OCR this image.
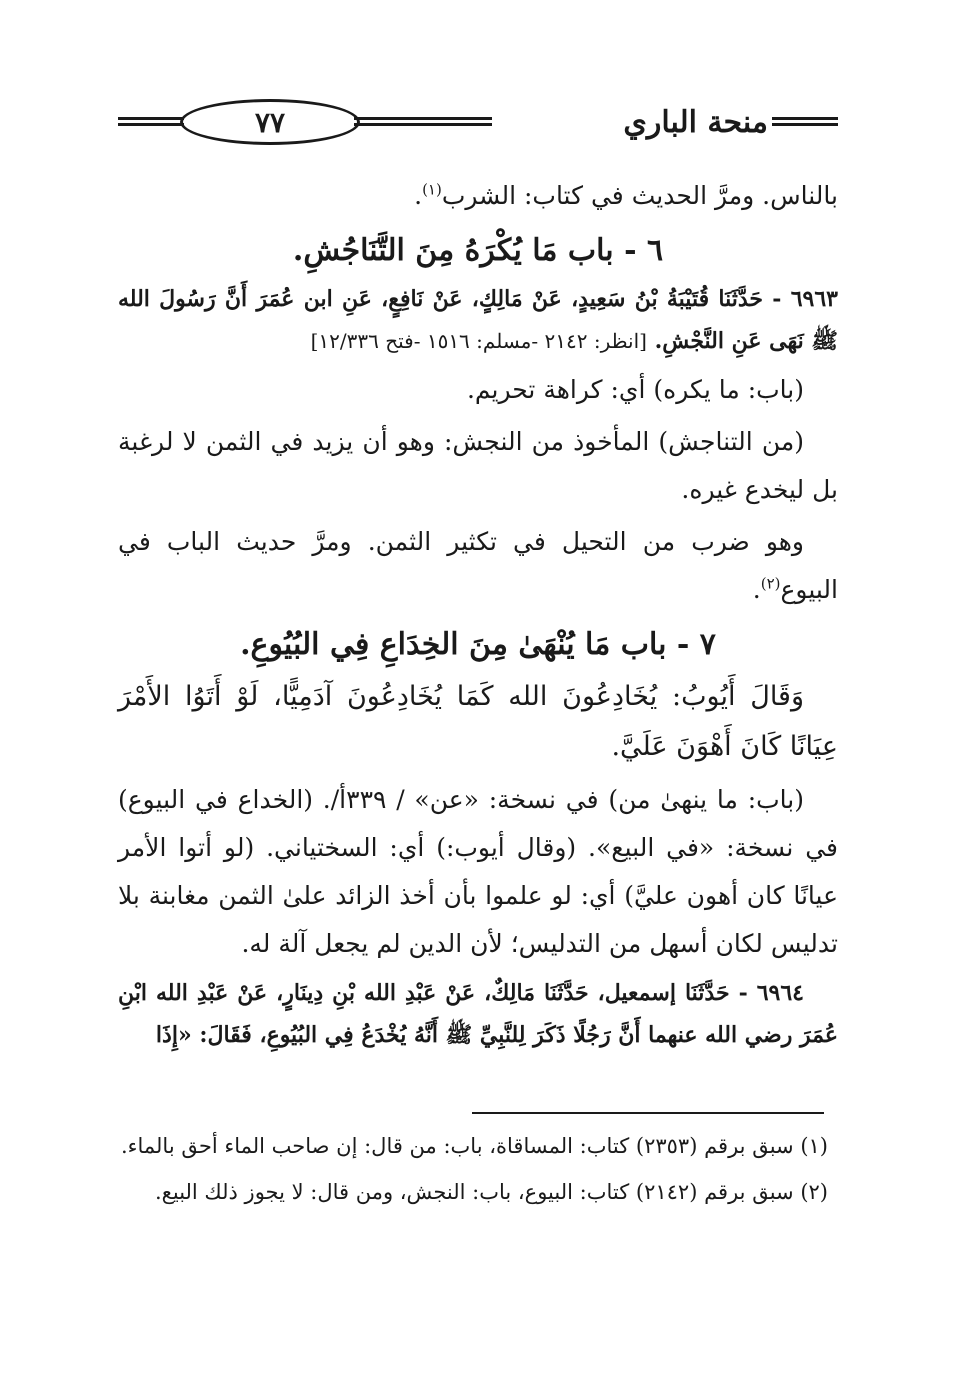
٧٧	منحة الباري

بالناس. ومرَّ الحديث في كتاب: الشرب$^{(١)}$.

٦ - باب مَا يُكْرَهُ مِنَ التَّنَاجُشِ.

٦٩٦٣ - حَدَّثَنَا قُتَيْبَةُ بْنُ سَعِيدٍ، عَنْ مَالِكٍ، عَنْ نَافِعٍ، عَنِ ابن عُمَرَ أَنَّ رَسُولَ الله ﷺ نَهَى عَنِ النَّجْشِ. [انظر: ٢١٤٢ -مسلم: ١٥١٦ -فتح ١٢/٣٣٦]

(باب: ما يكره) أي: كراهة تحريم.

(من التناجش) المأخوذ من النجش: وهو أن يزيد في الثمن لا لرغبة بل ليخدع غيره.

وهو ضرب من التحيل في تكثير الثمن. ومرَّ حديث الباب في البيوع$^{(٢)}$.

٧ - باب مَا يُنْهَىٰ مِنَ الخِدَاعِ فِي البُيُوعِ.

وَقَالَ أَيُوبُ: يُخَادِعُونَ الله كَمَا يُخَادِعُونَ آدَمِيًّا، لَوْ أَتَوُا الأَمْرَ عِيَانًا كَانَ أَهْوَنَ عَلَيَّ.

(باب: ما ينهىٰ من) في نسخة: «عن» / ٣٣٩أ/. (الخداع في البيوع) في نسخة: «في البيع». (وقال أيوب:) أي: السختياني. (لو أتوا الأمر عيانًا كان أهون عليَّ) أي: لو علموا بأن أخذ الزائد علىٰ الثمن مغابنة بلا تدليس لكان أسهل من التدليس؛ لأن الدين لم يجعل آلة له.

٦٩٦٤ - حَدَّثَنَا إسمعيل، حَدَّثَنَا مَالِكٌ، عَنْ عَبْدِ الله بْنِ دِينَارٍ، عَنْ عَبْدِ الله ابْنِ عُمَرَ رضي الله عنهما أَنَّ رَجُلًا ذَكَرَ لِلنَّبِيِّ ﷺ أَنَّهُ يُخْدَعُ فِي البُيُوعِ، فَقَالَ: «إِذَا

(١) سبق برقم (٢٣٥٣) كتاب: المساقاة، باب: من قال: إن صاحب الماء أحق بالماء.

(٢) سبق برقم (٢١٤٢) كتاب: البيوع، باب: النجش، ومن قال: لا يجوز ذلك البيع.
